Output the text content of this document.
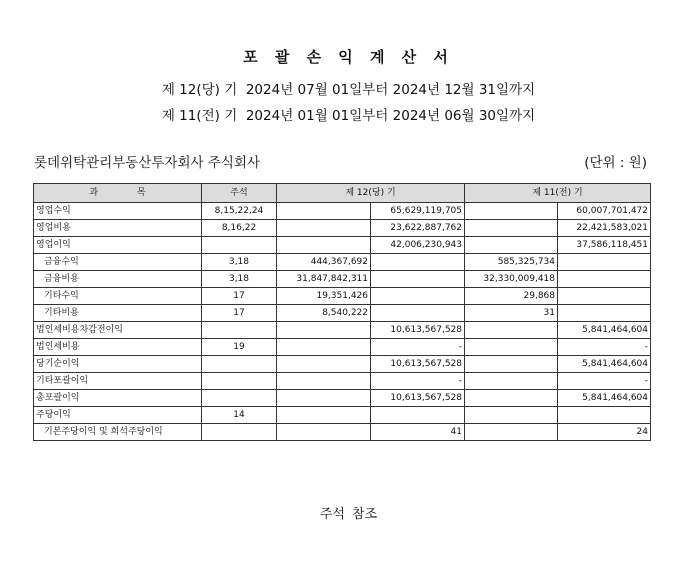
포 괄 손 익 계 산 서
제 12(당) 기  2024년 07월 01일부터 2024년 12월 31일까지
제 11(전) 기  2024년 01월 01일부터 2024년 06월 30일까지
롯데위탁관리부동산투자회사 주식회사	(단위 : 원)
과 목	주석	제 12(당) 기		제 11(전) 기	
영업수익	8,15,22,24		65,629,119,705		60,007,701,472
영업비용	8,16,22		23,622,887,762		22,421,583,021
영업이익			42,006,230,943		37,586,118,451
금융수익	3,18	444,367,692		585,325,734	
금융비용	3,18	31,847,842,311		32,330,009,418	
기타수익	17	19,351,426		29,868	
기타비용	17	8,540,222		31	
법인세비용차감전이익			10,613,567,528		5,841,464,604
법인세비용	19		-		-
당기순이익			10,613,567,528		5,841,464,604
기타포괄이익			-		-
총포괄이익			10,613,567,528		5,841,464,604
주당이익	14				
기본주당이익 및 희석주당이익			41		24
주석 참조
